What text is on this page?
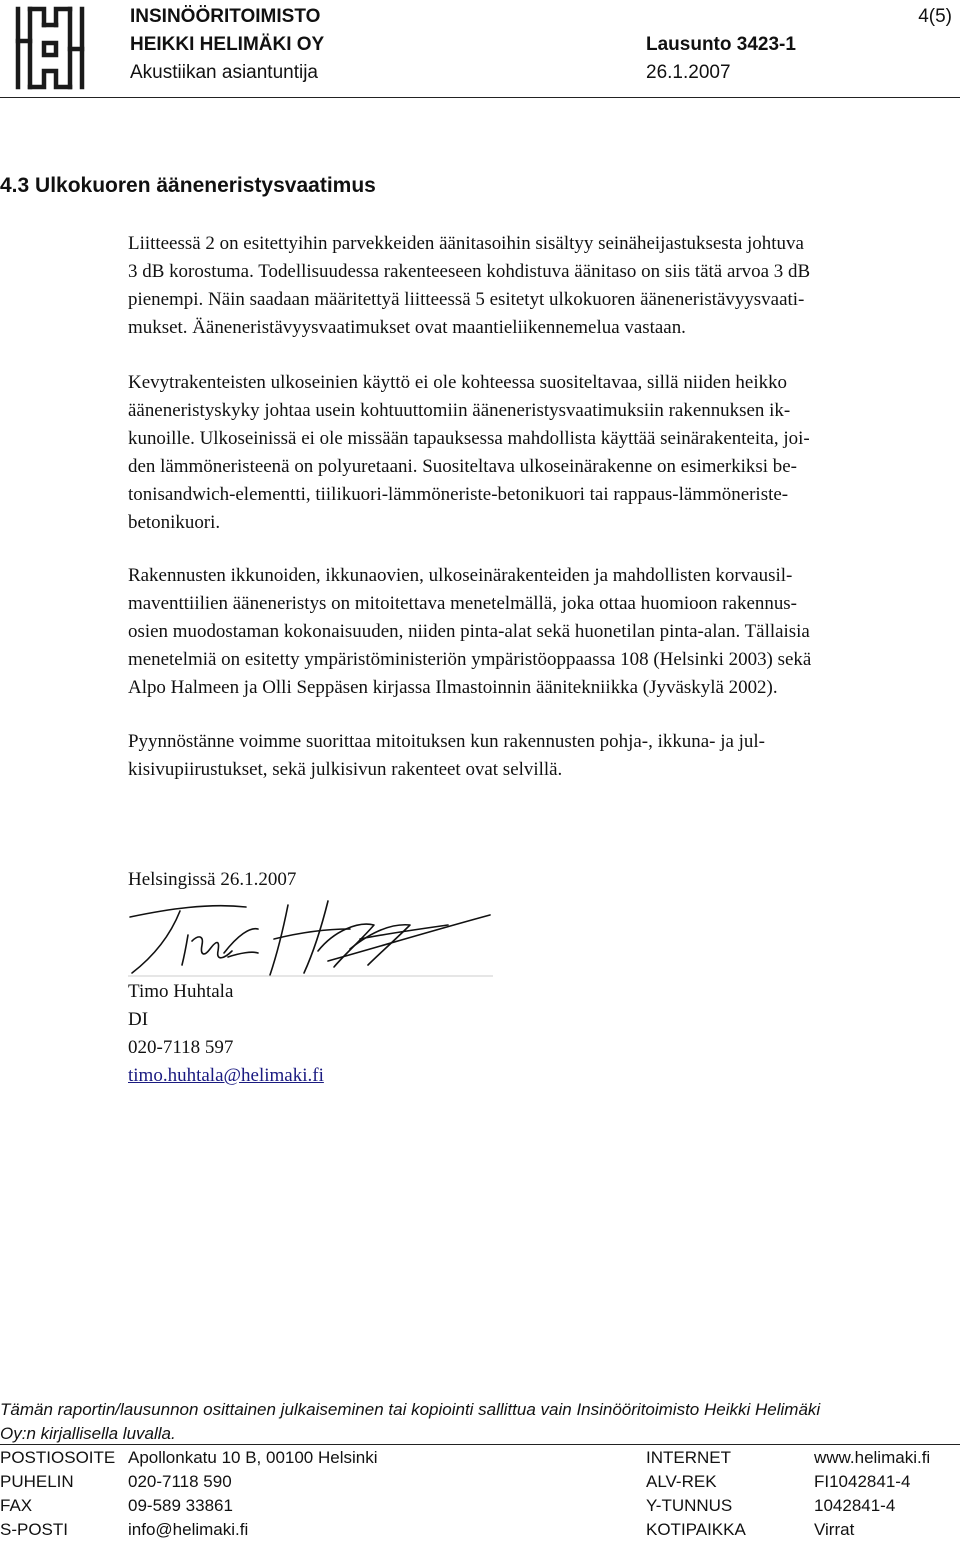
INSINÖÖRITOIMISTO
HEIKKI HELIMÄKI OY
Akustiikan asiantuntija
Lausunto 3423-1
26.1.2007
4(5)
4.3 Ulkokuoren ääneneristysvaatimus
Liitteessä 2 on esitettyihin parvekkeiden äänitasoihin sisältyy seinäheijastuksesta johtuva
3 dB korostuma. Todellisuudessa rakenteeseen kohdistuva äänitaso on siis tätä arvoa 3 dB
pienempi. Näin saadaan määritettyä liitteessä 5 esitetyt ulkokuoren ääneneristävyysvaati-
mukset. Ääneneristävyysvaatimukset ovat maantieliikennemelua vastaan.
Kevytrakenteisten ulkoseinien käyttö ei ole kohteessa suositeltavaa, sillä niiden heikko
ääneneristyskyky johtaa usein kohtuuttomiin ääneneristysvaatimuksiin rakennuksen ik-
kunoille. Ulkoseinissä ei ole missään tapauksessa mahdollista käyttää seinärakenteita, joi-
den lämmöneristeenä on polyuretaani. Suositeltava ulkoseinärakenne on esimerkiksi be-
tonisandwich-elementti, tiilikuori-lämmöneriste-betonikuori tai rappaus-lämmöneriste-
betonikuori.
Rakennusten ikkunoiden, ikkunaovien, ulkoseinärakenteiden ja mahdollisten korvausil-
maventtiilien ääneneristys on mitoitettava menetelmällä, joka ottaa huomioon rakennus-
osien muodostaman kokonaisuuden, niiden pinta-alat sekä huonetilan pinta-alan. Tällaisia
menetelmiä on esitetty ympäristöministeriön ympäristöoppaassa 108 (Helsinki 2003) sekä
Alpo Halmeen ja Olli Seppäsen kirjassa Ilmastoinnin äänitekniikka (Jyväskylä 2002).
Pyynnöstänne voimme suorittaa mitoituksen kun rakennusten pohja-, ikkuna- ja jul-
kisivupiirustukset, sekä julkisivun rakenteet ovat selvillä.
Helsingissä 26.1.2007
Timo Huhtala
DI
020-7118 597
timo.huhtala@helimaki.fi
Tämän raportin/lausunnon osittainen julkaiseminen tai kopiointi sallittua vain Insinööritoimisto Heikki Helimäki
Oy:n kirjallisella luvalla.
POSTIOSOITE Apollonkatu 10 B, 00100 Helsinki	INTERNET	www.helimaki.fi
PUHELIN	020-7118 590	ALV-REK	FI1042841-4
FAX	09-589 33861	Y-TUNNUS	1042841-4
S-POSTI	info@helimaki.fi	KOTIPAIKKA	Virrat
